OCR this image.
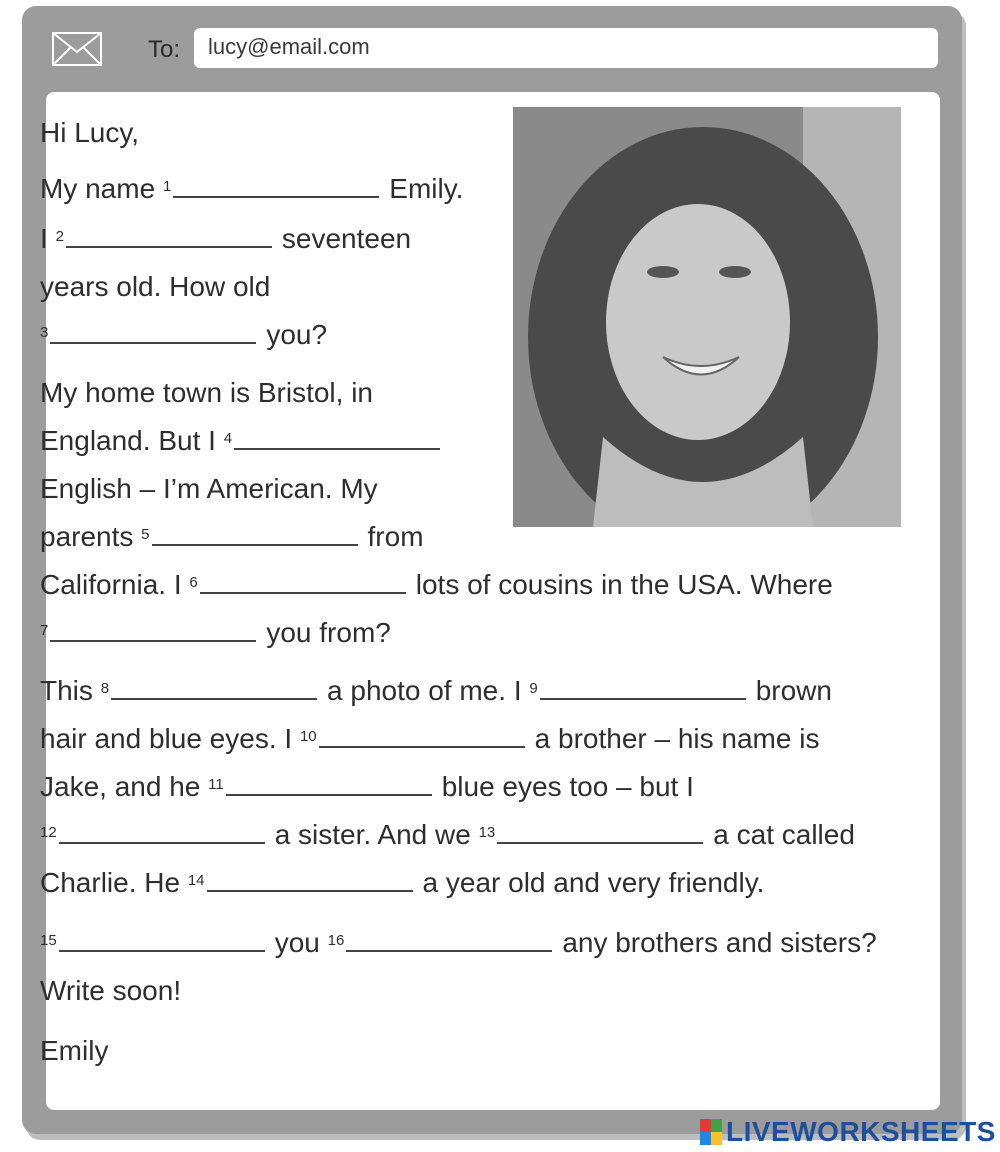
To:	lucy@email.com
Hi Lucy,
My name $^1$	Emily.
I $^2$	seventeen
years old. How old
$^3$	you?
My home town is Bristol, in
England. But I $^4$
English – I’m American. My
parents $^5$	from
California. I $^6$	lots of cousins in the USA. Where
$^7$	you from?
This $^8$	a photo of me. I $^9$	brown
hair and blue eyes. I $^{10}$	a brother – his name is
Jake, and he $^{11}$	blue eyes too – but I
$^{12}$	a sister. And we $^{13}$	a cat called
Charlie. He $^{14}$	a year old and very friendly.
$^{15}$	you $^{16}$	any brothers and sisters?
Write soon!
Emily
LIVEWORKSHEETS
